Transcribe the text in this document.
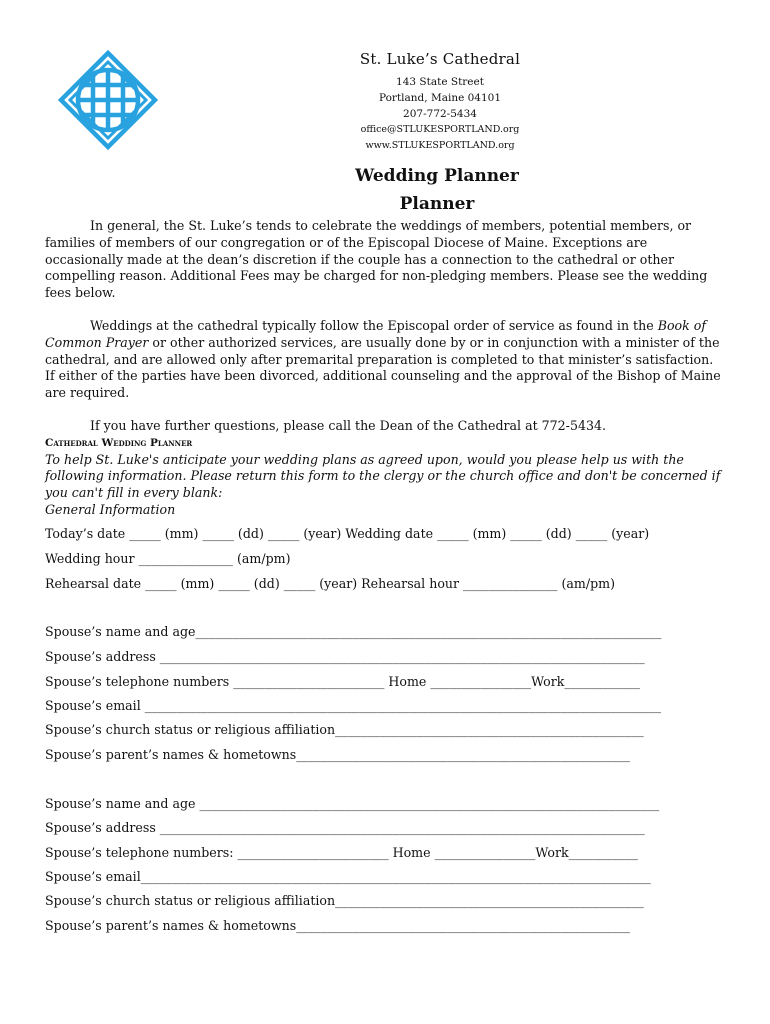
St. Luke’s Cathedral
143 State Street
Portland, Maine 04101
207-772-5434
office@STLUKESPORTLAND.org
www.STLUKESPORTLAND.org
Wedding Planner
Planner

In general, the St. Luke’s tends to celebrate the weddings of members, potential members, or families of members of our congregation or of the Episcopal Diocese of Maine. Exceptions are occasionally made at the dean’s discretion if the couple has a connection to the cathedral or other compelling reason. Additional Fees may be charged for non-pledging members. Please see the wedding fees below.

Weddings at the cathedral typically follow the Episcopal order of service as found in the Book of Common Prayer or other authorized services, are usually done by or in conjunction with a minister of the cathedral, and are allowed only after premarital preparation is completed to that minister’s satisfaction. If either of the parties have been divorced, additional counseling and the approval of the Bishop of Maine are required.

If you have further questions, please call the Dean of the Cathedral at 772-5434.

Cathedral Wedding Planner

To help St. Luke's anticipate your wedding plans as agreed upon, would you please help us with the following information. Please return this form to the clergy or the church office and don't be concerned if you can't fill in every blank:

General Information

Today’s date _____ (mm) _____ (dd) _____ (year) Wedding date _____ (mm) _____ (dd) _____ (year)
Wedding hour _______________ (am/pm)
Rehearsal date _____ (mm) _____ (dd) _____ (year) Rehearsal hour _______________ (am/pm)
Spouse’s name and age__________________________________________________________________________
Spouse’s address _____________________________________________________________________________
Spouse’s telephone numbers ________________________ Home ________________Work____________
Spouse’s email __________________________________________________________________________________
Spouse’s church status or religious affiliation_________________________________________________
Spouse’s parent’s names & hometowns_____________________________________________________
Spouse’s name and age _________________________________________________________________________
Spouse’s address _____________________________________________________________________________
Spouse’s telephone numbers: ________________________ Home ________________Work___________
Spouse’s email_________________________________________________________________________________
Spouse’s church status or religious affiliation_________________________________________________
Spouse’s parent’s names & hometowns_____________________________________________________
